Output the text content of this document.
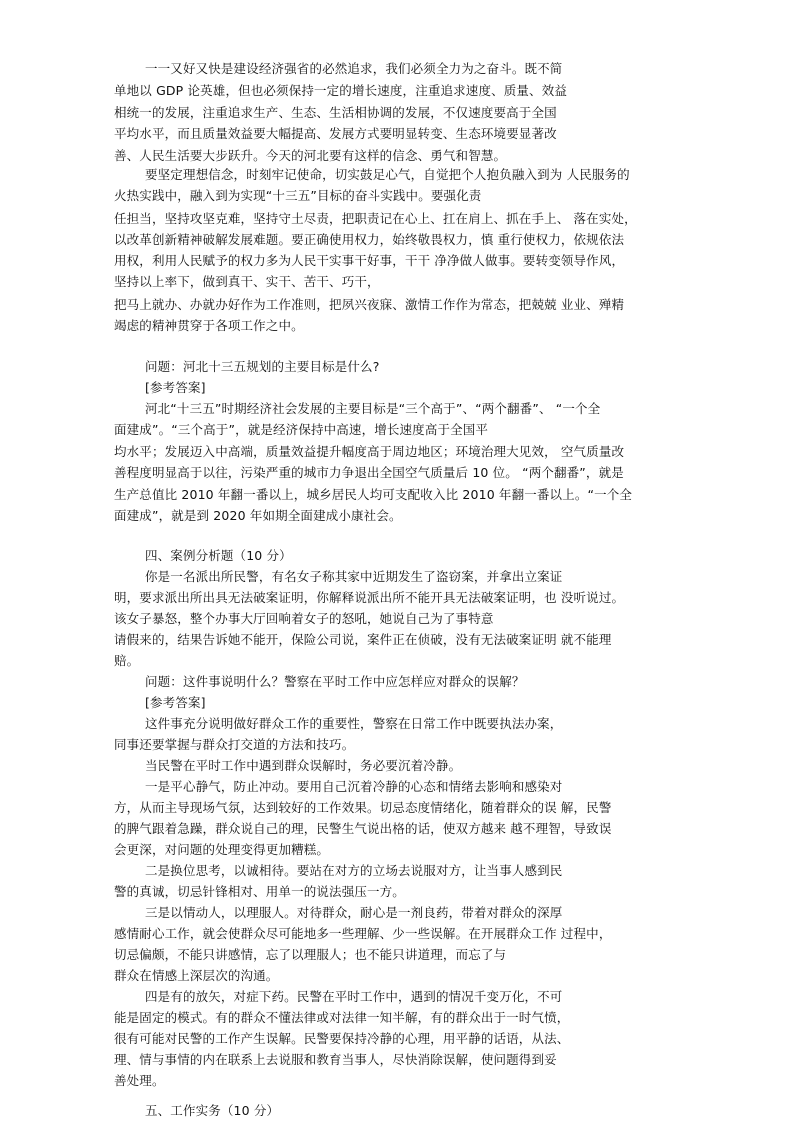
一一又好又快是建设经济强省的必然追求，我们必须全力为之奋斗。既不简
单地以 GDP 论英雄，但也必须保持一定的增长速度，注重追求速度、质量、效益
相统一的发展，注重追求生产、生态、生活相协调的发展，不仅速度要高于全国
平均水平，而且质量效益要大幅提高、发展方式要明显转变、生态环境要显著改
善、人民生活要大步跃升。今天的河北要有这样的信念、勇气和智慧。
要坚定理想信念，时刻牢记使命，切实鼓足心气，自觉把个人抱负融入到为 人民服务的
火热实践中，融入到为实现“十三五”目标的奋斗实践中。要强化责
任担当，坚持攻坚克难，坚持守土尽责，把职责记在心上、扛在肩上、抓在手上、 落在实处，
以改革创新精神破解发展难题。要正确使用权力，始终敬畏权力，慎 重行使权力，依规依法
用权，利用人民赋予的权力多为人民干实事干好事，干干 净净做人做事。要转变领导作风，
坚持以上率下，做到真干、实干、苦干、巧干，
把马上就办、办就办好作为工作准则，把夙兴夜寐、激情工作作为常态，把兢兢 业业、殚精
竭虑的精神贯穿于各项工作之中。
问题：河北十三五规划的主要目标是什么?
[参考答案]
河北“十三五”时期经济社会发展的主要目标是“三个高于”、“两个翻番”、 “一个全
面建成”。“三个高于”，就是经济保持中高速，增长速度高于全国平
均水平；发展迈入中高端，质量效益提升幅度高于周边地区；环境治理大见效， 空气质量改
善程度明显高于以往，污染严重的城市力争退出全国空气质量后 10 位。 “两个翻番”，就是
生产总值比 2010 年翻一番以上，城乡居民人均可支配收入比 2010 年翻一番以上。“一个全
面建成”，就是到 2020 年如期全面建成小康社会。
四、案例分析题（10 分）
你是一名派出所民警，有名女子称其家中近期发生了盗窃案，并拿出立案证
明，要求派出所出具无法破案证明，你解释说派出所不能开具无法破案证明，也 没听说过。
该女子暴怒，整个办事大厅回响着女子的怒吼，她说自己为了事特意
请假来的，结果告诉她不能开，保险公司说，案件正在侦破，没有无法破案证明 就不能理
赔。
问题：这件事说明什么？警察在平时工作中应怎样应对群众的误解？
[参考答案]
这件事充分说明做好群众工作的重要性，警察在日常工作中既要执法办案，
同事还要掌握与群众打交道的方法和技巧。
当民警在平时工作中遇到群众误解时，务必要沉着冷静。
一是平心静气，防止冲动。要用自己沉着冷静的心态和情绪去影响和感染对
方，从而主导现场气氛，达到较好的工作效果。切忌态度情绪化，随着群众的误 解，民警
的脾气跟着急躁，群众说自己的理，民警生气说出格的话，使双方越来 越不理智，导致误
会更深，对问题的处理变得更加糟糕。
二是换位思考，以诚相待。要站在对方的立场去说服对方，让当事人感到民
警的真诚，切忌针锋相对、用单一的说法强压一方。
三是以情动人，以理服人。对待群众，耐心是一剂良药，带着对群众的深厚
感情耐心工作，就会使群众尽可能地多一些理解、少一些误解。在开展群众工作 过程中，
切忌偏颇，不能只讲感情，忘了以理服人；也不能只讲道理，而忘了与
群众在情感上深层次的沟通。
四是有的放矢，对症下药。民警在平时工作中，遇到的情况千变万化，不可
能是固定的模式。有的群众不懂法律或对法律一知半解，有的群众出于一时气愤，
很有可能对民警的工作产生误解。民警要保持冷静的心理，用平静的话语，从法、
理、情与事情的内在联系上去说服和教育当事人，尽快消除误解，使问题得到妥
善处理。
五、工作实务（10 分）
